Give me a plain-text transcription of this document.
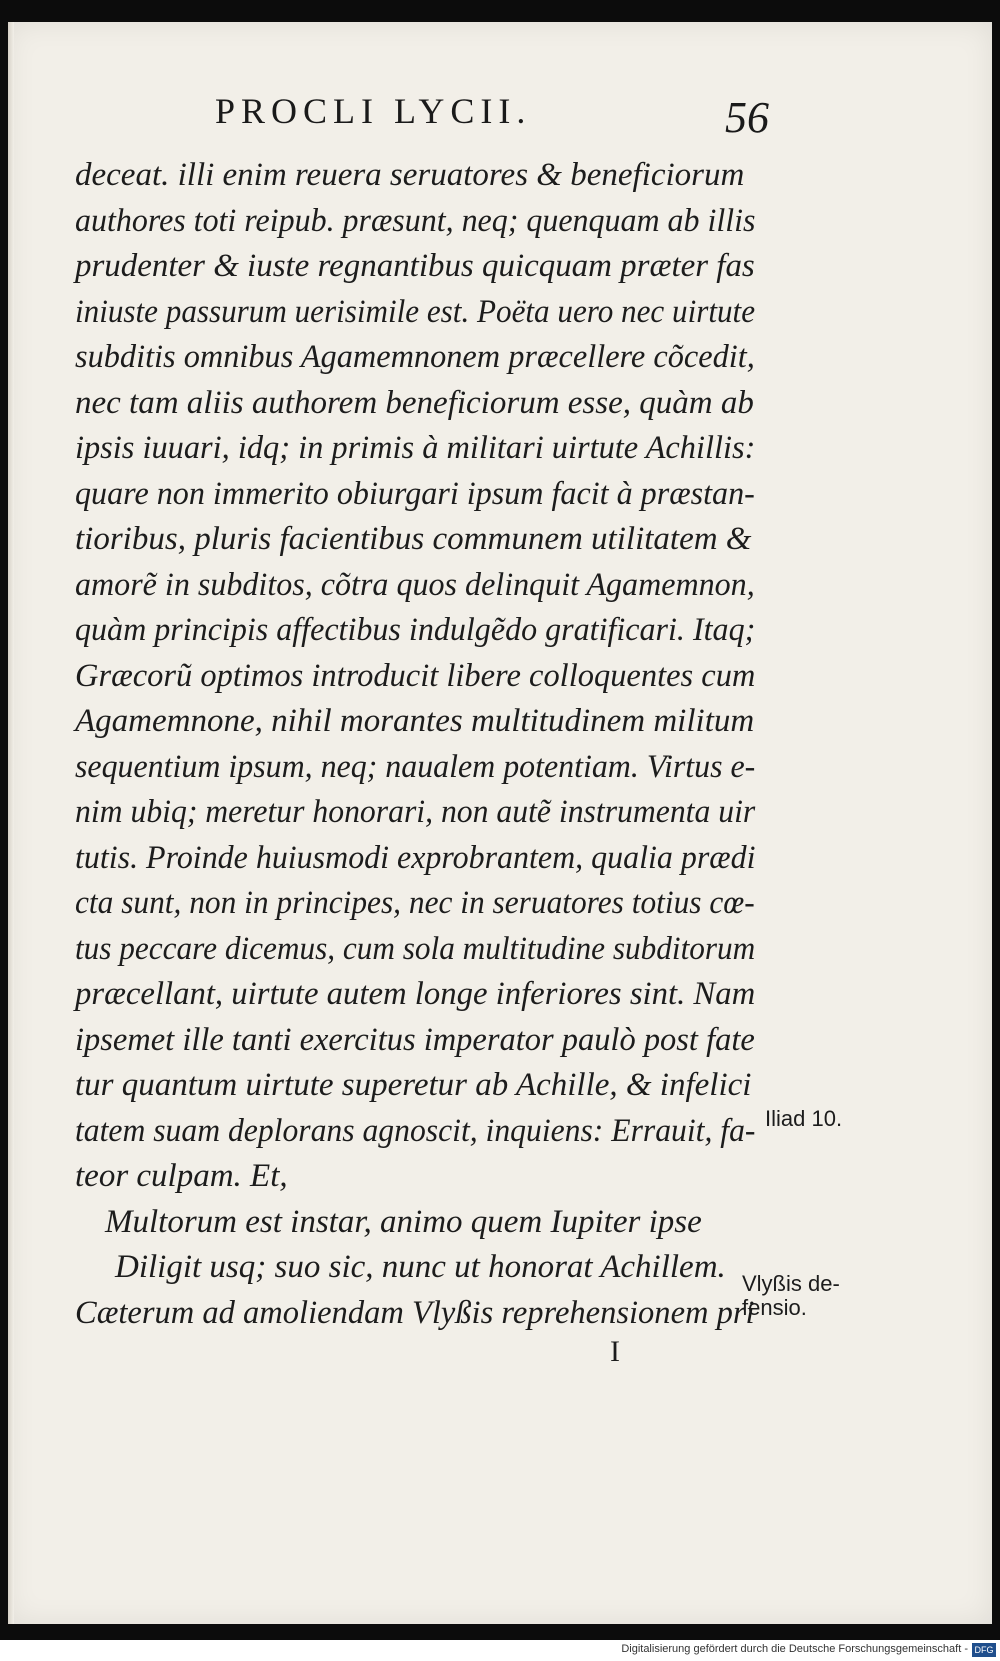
PROCLI LYCII.	56
deceat. illi enim reuera seruatores & beneficiorum
authores toti reipub. præsunt, neq; quenquam ab illis
prudenter & iuste regnantibus quicquam præter fas
iniuste passurum uerisimile est. Poëta uero nec uirtute
subditis omnibus Agamemnonem præcellere cõcedit,
nec tam aliis authorem beneficiorum esse, quàm ab
ipsis iuuari, idq; in primis à militari uirtute Achillis:
quare non immerito obiurgari ipsum facit à præstan-
tioribus, pluris facientibus communem utilitatem &
amorẽ in subditos, cõtra quos delinquit Agamemnon,
quàm principis affectibus indulgẽdo gratificari. Itaq;
Græcorũ optimos introducit libere colloquentes cum
Agamemnone, nihil morantes multitudinem militum
sequentium ipsum, neq; naualem potentiam. Virtus e-
nim ubiq; meretur honorari, non autẽ instrumenta uir
tutis. Proinde huiusmodi exprobrantem, qualia prædi
cta sunt, non in principes, nec in seruatores totius cœ-
tus peccare dicemus, cum sola multitudine subditorum
præcellant, uirtute autem longe inferiores sint. Nam
ipsemet ille tanti exercitus imperator paulò post fate
tur quantum uirtute superetur ab Achille, & infelici
tatem suam deplorans agnoscit, inquiens: Errauit, fa-
teor culpam. Et,
Multorum est instar, animo quem Iupiter ipse
Diligit usq; suo sic, nunc ut honorat Achillem.
Cæterum ad amoliendam Vlyßis reprehensionem pri
Iliad 10.
Vlyßis de-
fensio.
I
Digitalisierung gefördert durch die Deutsche Forschungsgemeinschaft - DFG
